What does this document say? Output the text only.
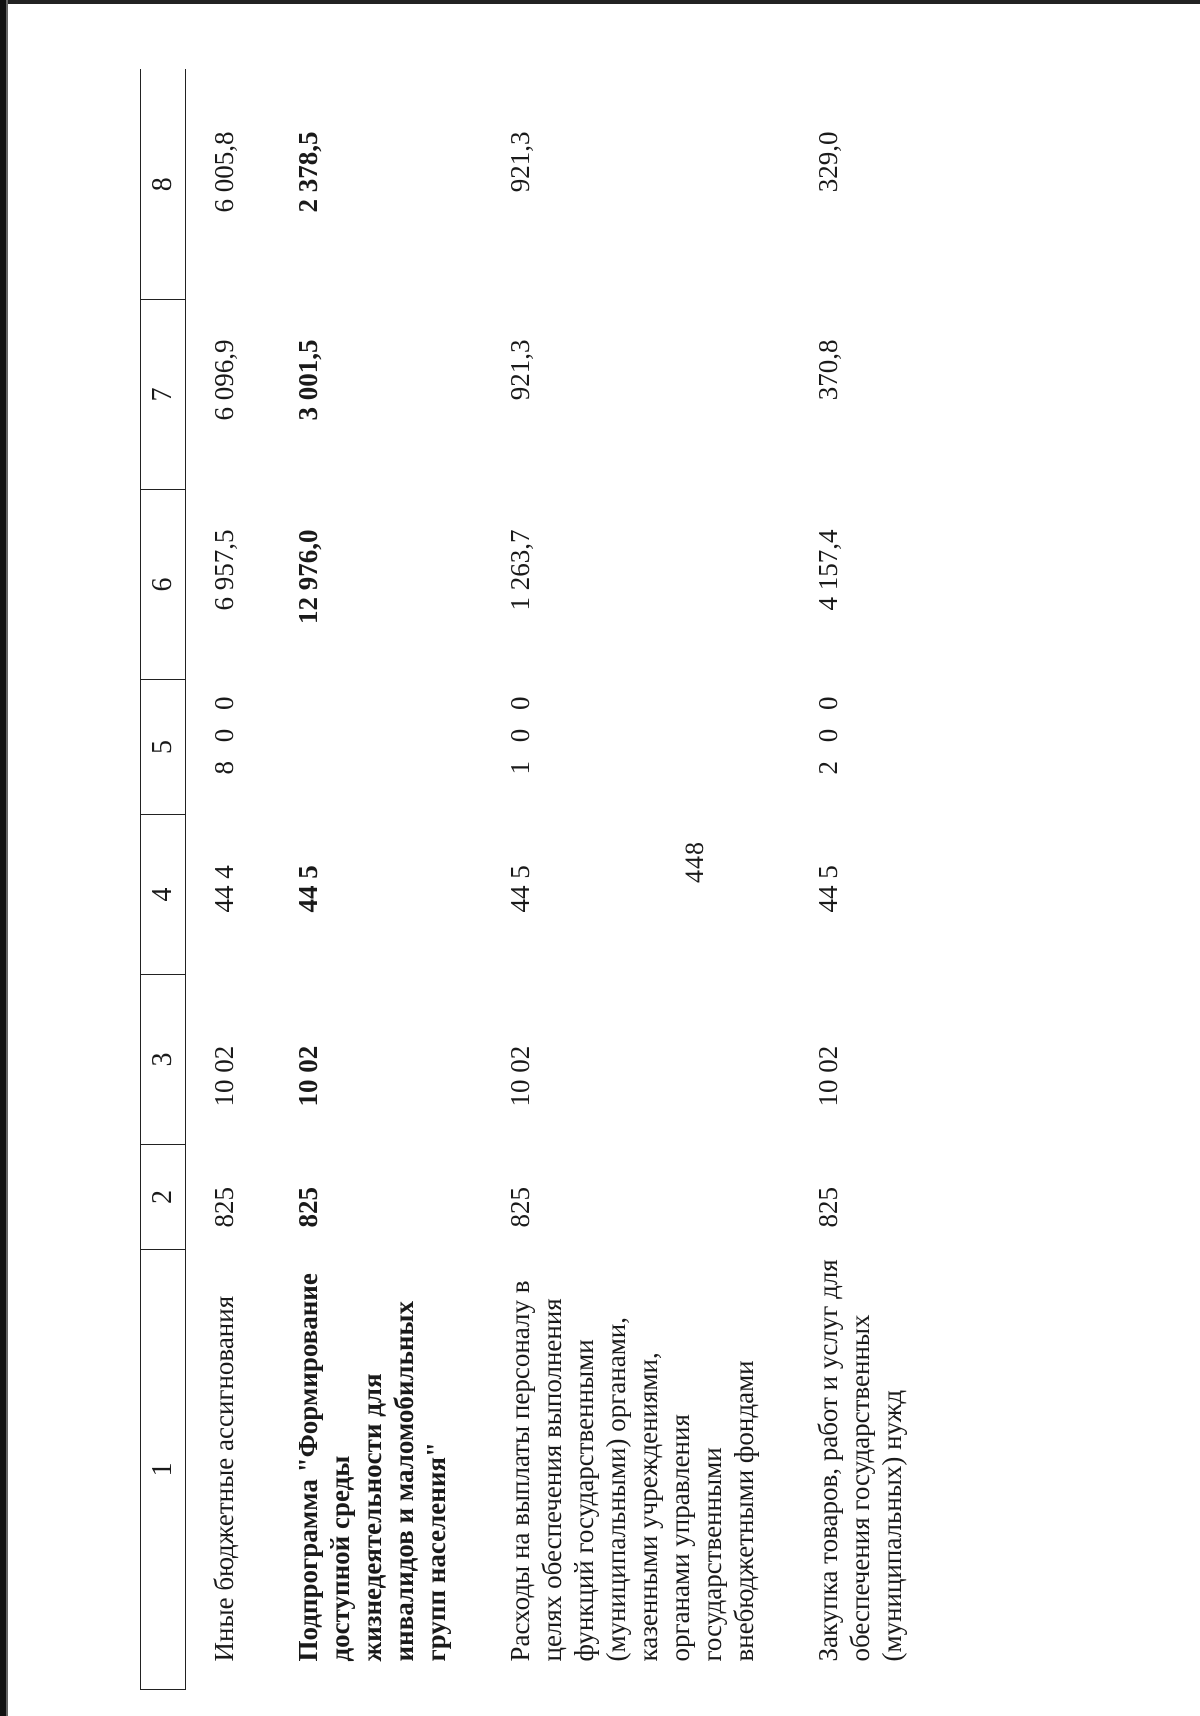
448
1	2	3	4	5	6	7	8
Иные бюджетные ассигнования	825	10 02	44 4	8 0 0	6 957,5	6 096,9	6 005,8
Подпрограмма "Формирование доступной среды жизнедеятельности для инвалидов и маломобильных групп населения"	825	10 02	44 5		12 976,0	3 001,5	2 378,5
Расходы на выплаты персоналу в целях обеспечения выполнения функций государственными (муниципальными) органами, казенными учреждениями, органами управления государственными внебюджетными фондами	825	10 02	44 5	1 0 0	1 263,7	921,3	921,3
Закупка товаров, работ и услуг для обеспечения государственных (муниципальных) нужд	825	10 02	44 5	2 0 0	4 157,4	370,8	329,0
